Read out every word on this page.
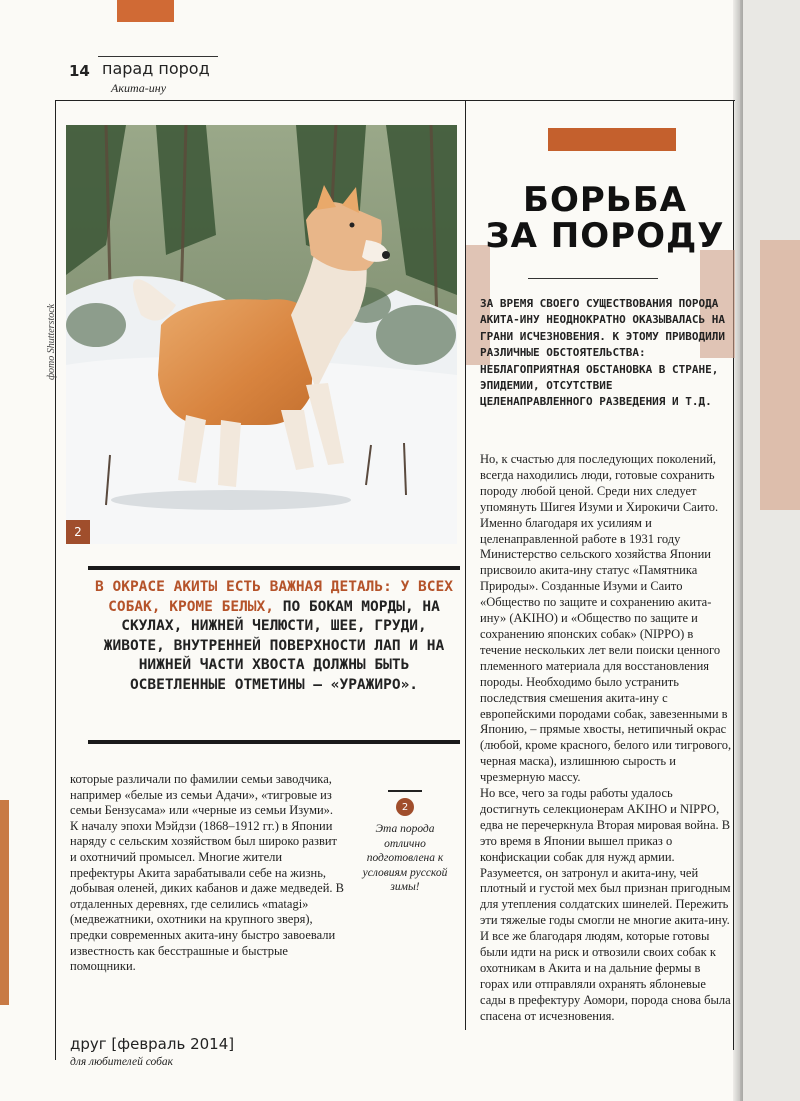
14 парад пород
Акита-ину
фото Shutterstock
2
В ОКРАСЕ АКИТЫ ЕСТЬ ВАЖНАЯ ДЕТАЛЬ: У ВСЕХ СОБАК, КРОМЕ БЕЛЫХ, ПО БОКАМ МОРДЫ, НА СКУЛАХ, НИЖНЕЙ ЧЕЛЮСТИ, ШЕЕ, ГРУДИ, ЖИВОТЕ, ВНУТРЕННЕЙ ПОВЕРХНОСТИ ЛАП И НА НИЖНЕЙ ЧАСТИ ХВОСТА ДОЛЖНЫ БЫТЬ ОСВЕТЛЕННЫЕ ОТМЕТИНЫ — «УРАЖИРО».

которые различали по фамилии семьи заводчика, например «белые из семьи Адачи», «тигровые из семьи Бензусама» или «черные из семьи Изуми».

К началу эпохи Мэйдзи (1868–1912 гг.) в Японии наряду с сельским хозяйством был широко развит и охотничий промысел. Многие жители префектуры Акита зарабатывали себе на жизнь, добывая оленей, диких кабанов и даже медведей. В отдаленных деревнях, где селились «matagi» (медвежатники, охотники на крупного зверя), предки современных акита-ину быстро завоевали известность как бесстрашные и быстрые помощники.

2
Эта порода отлично подготовлена к условиям русской зимы!
БОРЬБА
ЗА ПОРОДУ
ЗА ВРЕМЯ СВОЕГО СУЩЕСТВОВАНИЯ ПОРОДА АКИТА-ИНУ НЕОДНОКРАТНО ОКАЗЫВАЛАСЬ НА ГРАНИ ИСЧЕЗНОВЕНИЯ. К ЭТОМУ ПРИВОДИЛИ РАЗЛИЧНЫЕ ОБСТОЯТЕЛЬСТВА: НЕБЛАГОПРИЯТНАЯ ОБСТАНОВКА В СТРАНЕ, ЭПИДЕМИИ, ОТСУТСТВИЕ ЦЕЛЕНАПРАВЛЕННОГО РАЗВЕДЕНИЯ И Т.Д.

Но, к счастью для последующих поколений, всегда находились люди, готовые сохранить породу любой ценой. Среди них следует упомянуть Шигея Изуми и Хирокичи Саито. Именно благодаря их усилиям и целенаправленной работе в 1931 году Министерство сельского хозяйства Японии присвоило акита-ину статус «Памятника Природы». Созданные Изуми и Саито «Общество по защите и сохранению акита-ину» (AKIHO) и «Общество по защите и сохранению японских собак» (NIPPO) в течение нескольких лет вели поиски ценного племенного материала для восстановления породы. Необходимо было устранить последствия смешения акита-ину с европейскими породами собак, завезенными в Японию, – прямые хвосты, нетипичный окрас (любой, кроме красного, белого или тигрового, черная маска), излишнюю сырость и чрезмерную массу.

Но все, чего за годы работы удалось достигнуть селекционерам AKIHO и NIPPO, едва не перечеркнула Вторая мировая война. В это время в Японии вышел приказ о конфискации собак для нужд армии. Разумеется, он затронул и акита-ину, чей плотный и густой мех был признан пригодным для утепления солдатских шинелей. Пережить эти тяжелые годы смогли не многие акита-ину. И все же благодаря людям, которые готовы были идти на риск и отвозили своих собак к охотникам в Акита и на дальние фермы в горах или отправляли охранять яблоневые сады в префектуру Аомори, порода снова была спасена от исчезновения.

друг [февраль 2014]
для любителей собак
